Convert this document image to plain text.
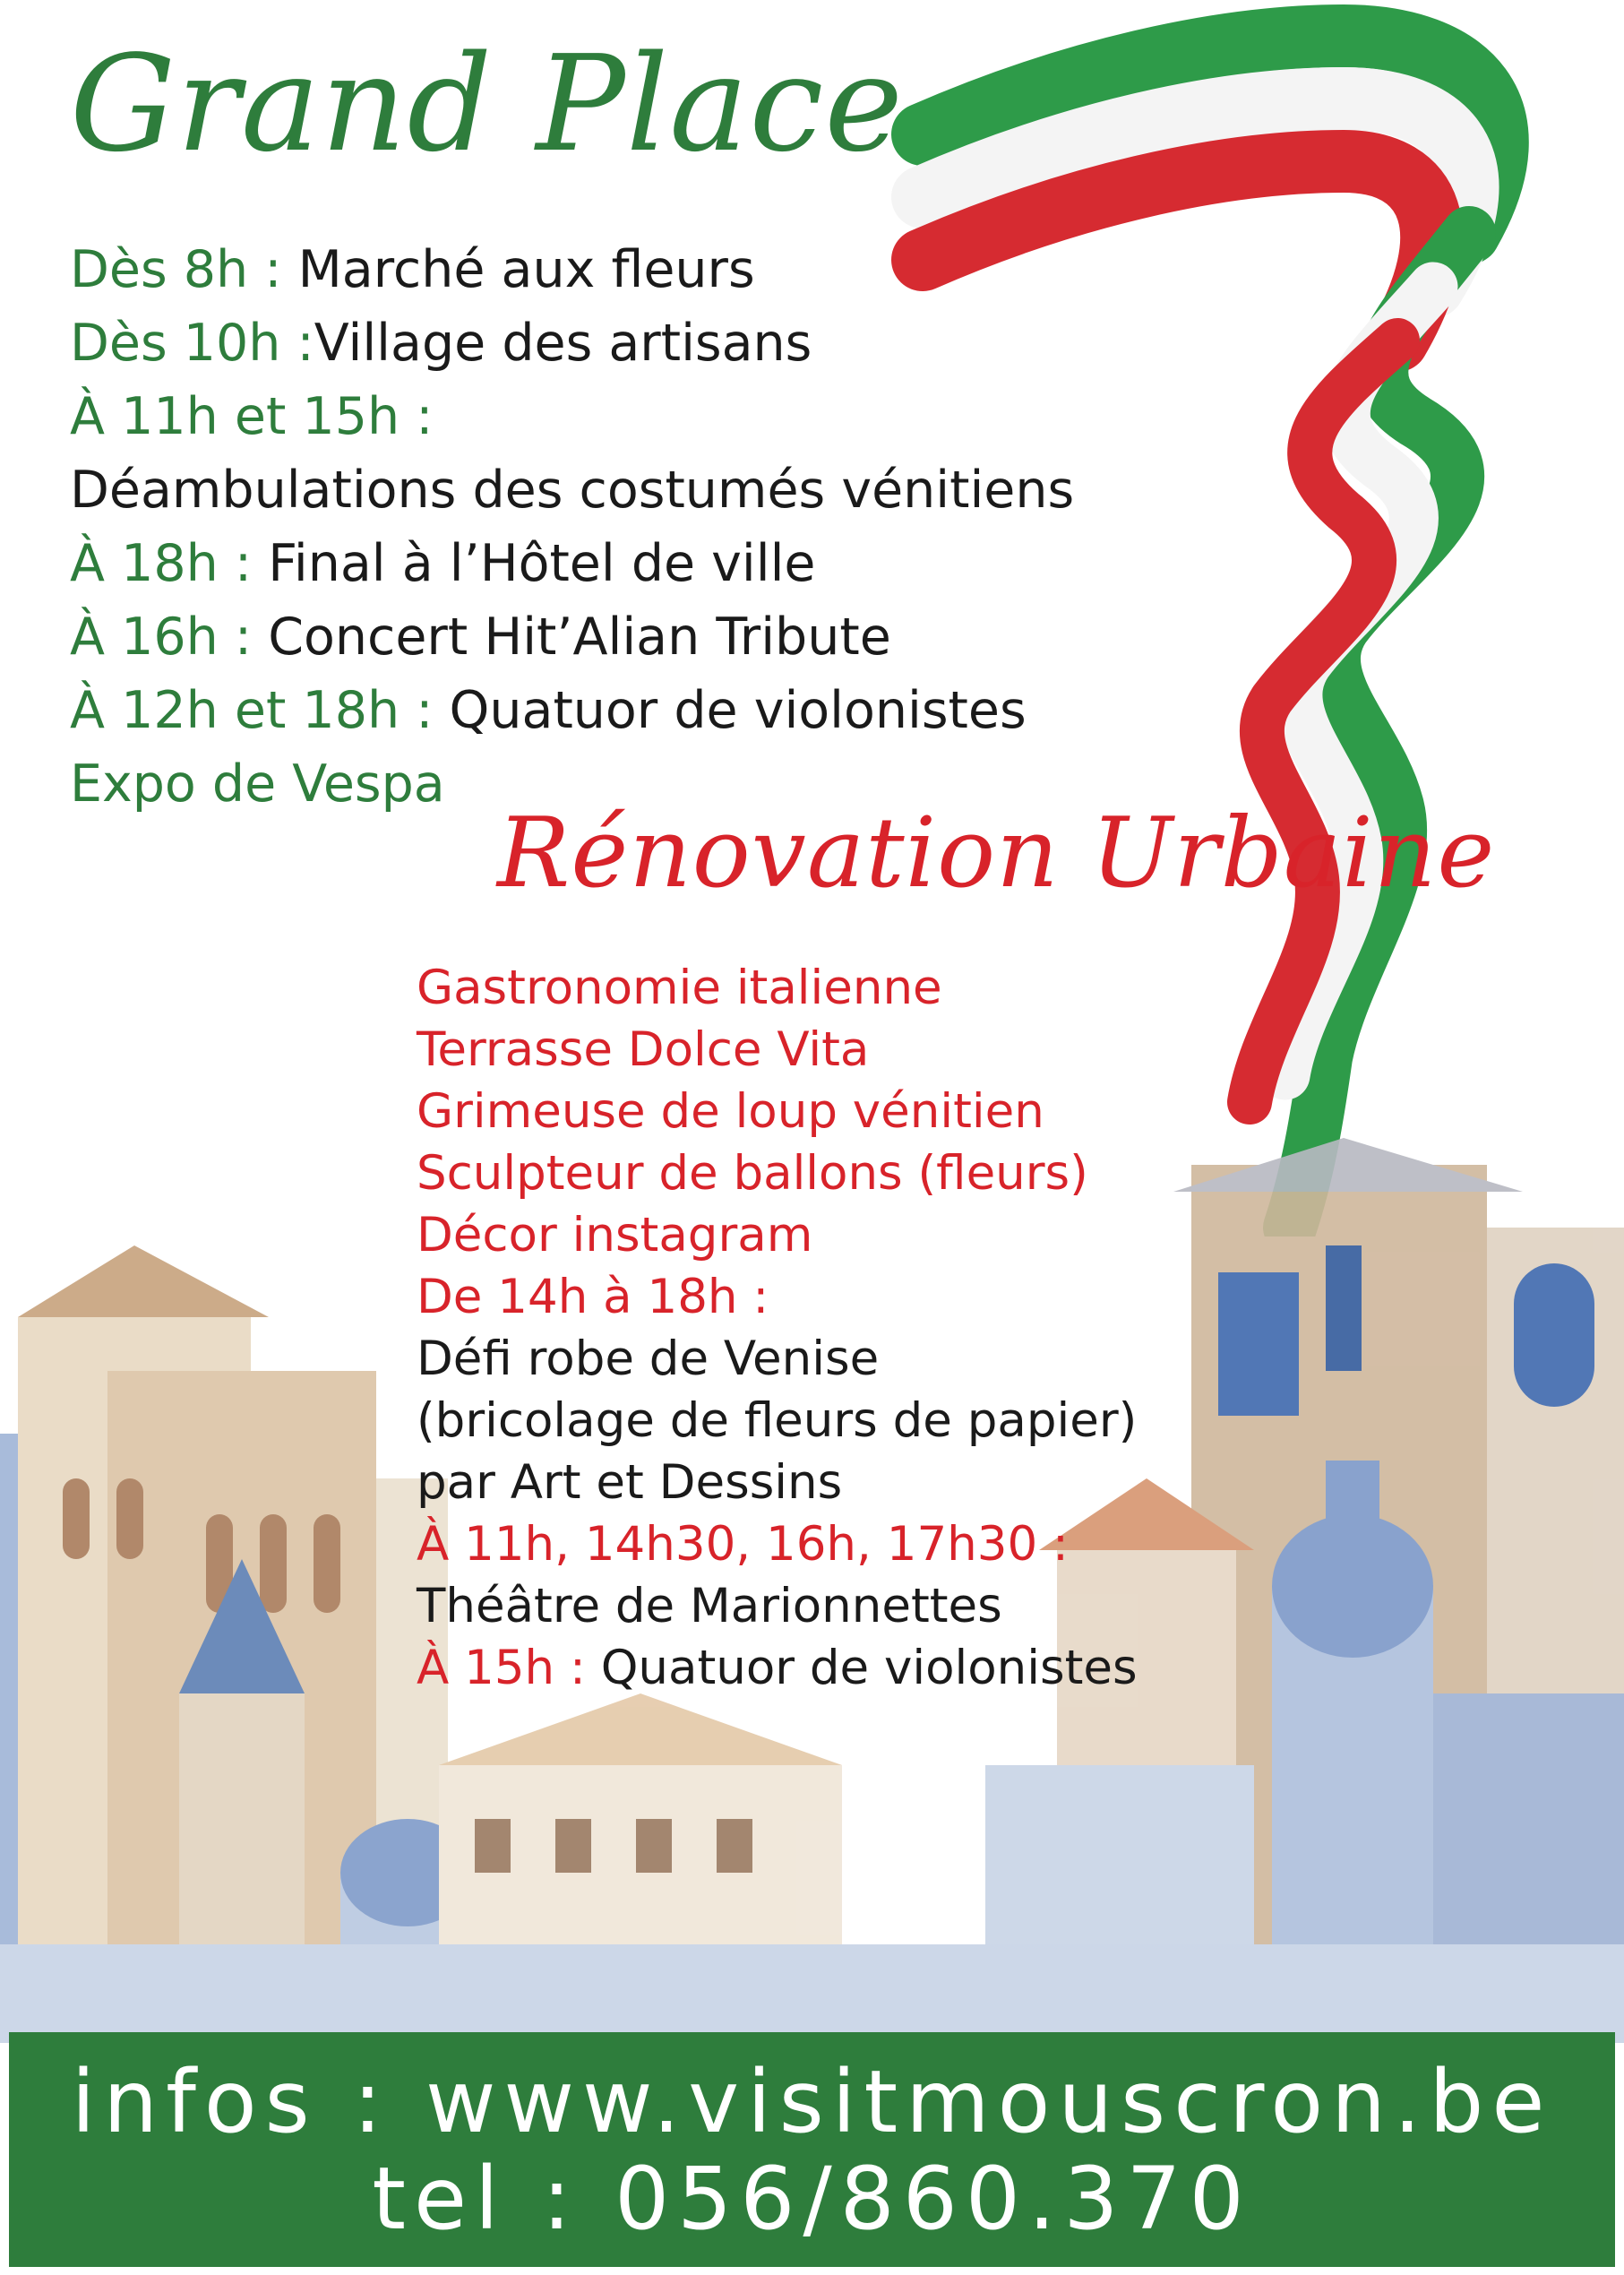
Grand Place
Dès 8h : Marché aux fleurs
Dès 10h :Village des artisans
À 11h et 15h :
Déambulations des costumés vénitiens
À 18h : Final à l’Hôtel de ville
À 16h : Concert Hit’Alian Tribute
À 12h et 18h : Quatuor de violonistes
Expo de Vespa
Rénovation Urbaine
Gastronomie italienne
Terrasse Dolce Vita
Grimeuse de loup vénitien
Sculpteur de ballons (fleurs)
Décor instagram
De 14h à 18h :
Défi robe de Venise
(bricolage de fleurs de papier)
par Art et Dessins
À 11h, 14h30, 16h, 17h30 :
Théâtre de Marionnettes
À 15h : Quatuor de violonistes
infos : www.visitmouscron.be
tel : 056/860.370
